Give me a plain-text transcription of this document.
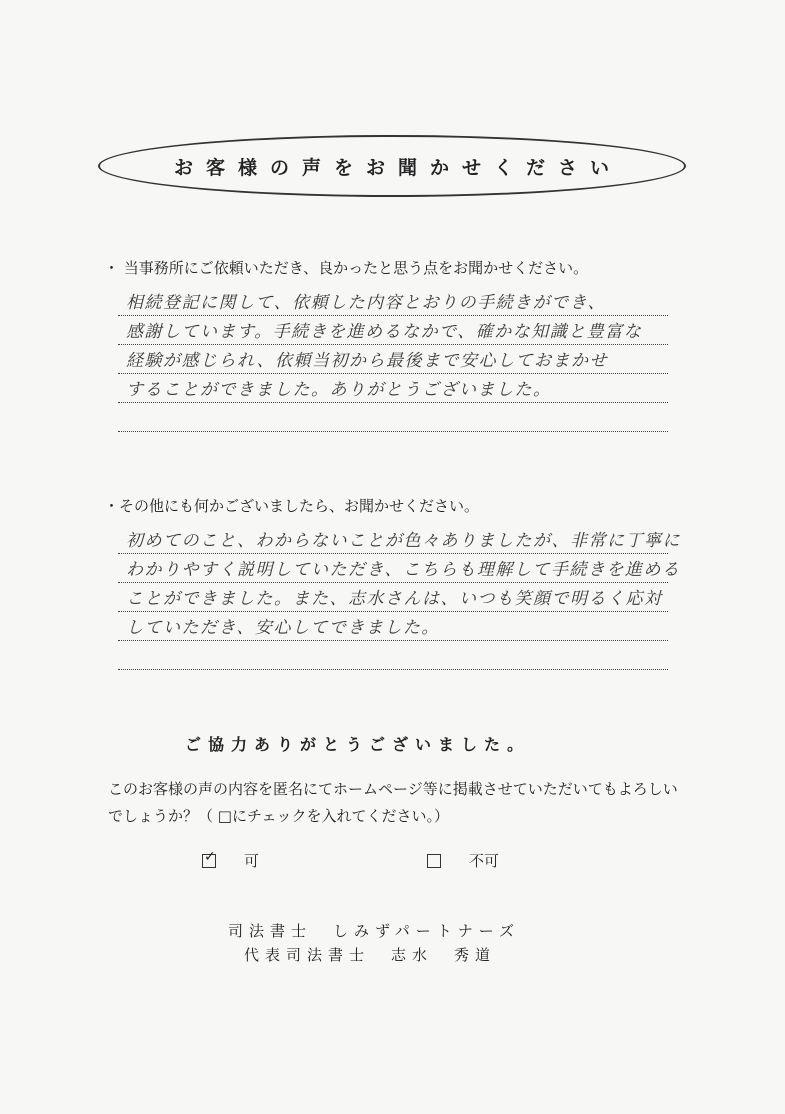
お客様の声をお聞かせください
・ 当事務所にご依頼いただき、良かったと思う点をお聞かせください。
相続登記に関して、依頼した内容とおりの手続きができ、
感謝しています。手続きを進めるなかで、確かな知識と豊富な
経験が感じられ、依頼当初から最後まで安心しておまかせ
することができました。ありがとうございました。
・その他にも何かございましたら、お聞かせください。
初めてのこと、わからないことが色々ありましたが、非常に丁寧に
わかりやすく説明していただき、こちらも理解して手続きを進める
ことができました。また、志水さんは、いつも笑顔で明るく応対
していただき、安心してできました。
ご協力ありがとうございました。
このお客様の声の内容を匿名にてホームページ等に掲載させていただいてもよろしいでしょうか？（ □にチェックを入れてください。）
✓ 可	不可
司法書士　しみずパートナーズ
代表司法書士　志水　秀道
